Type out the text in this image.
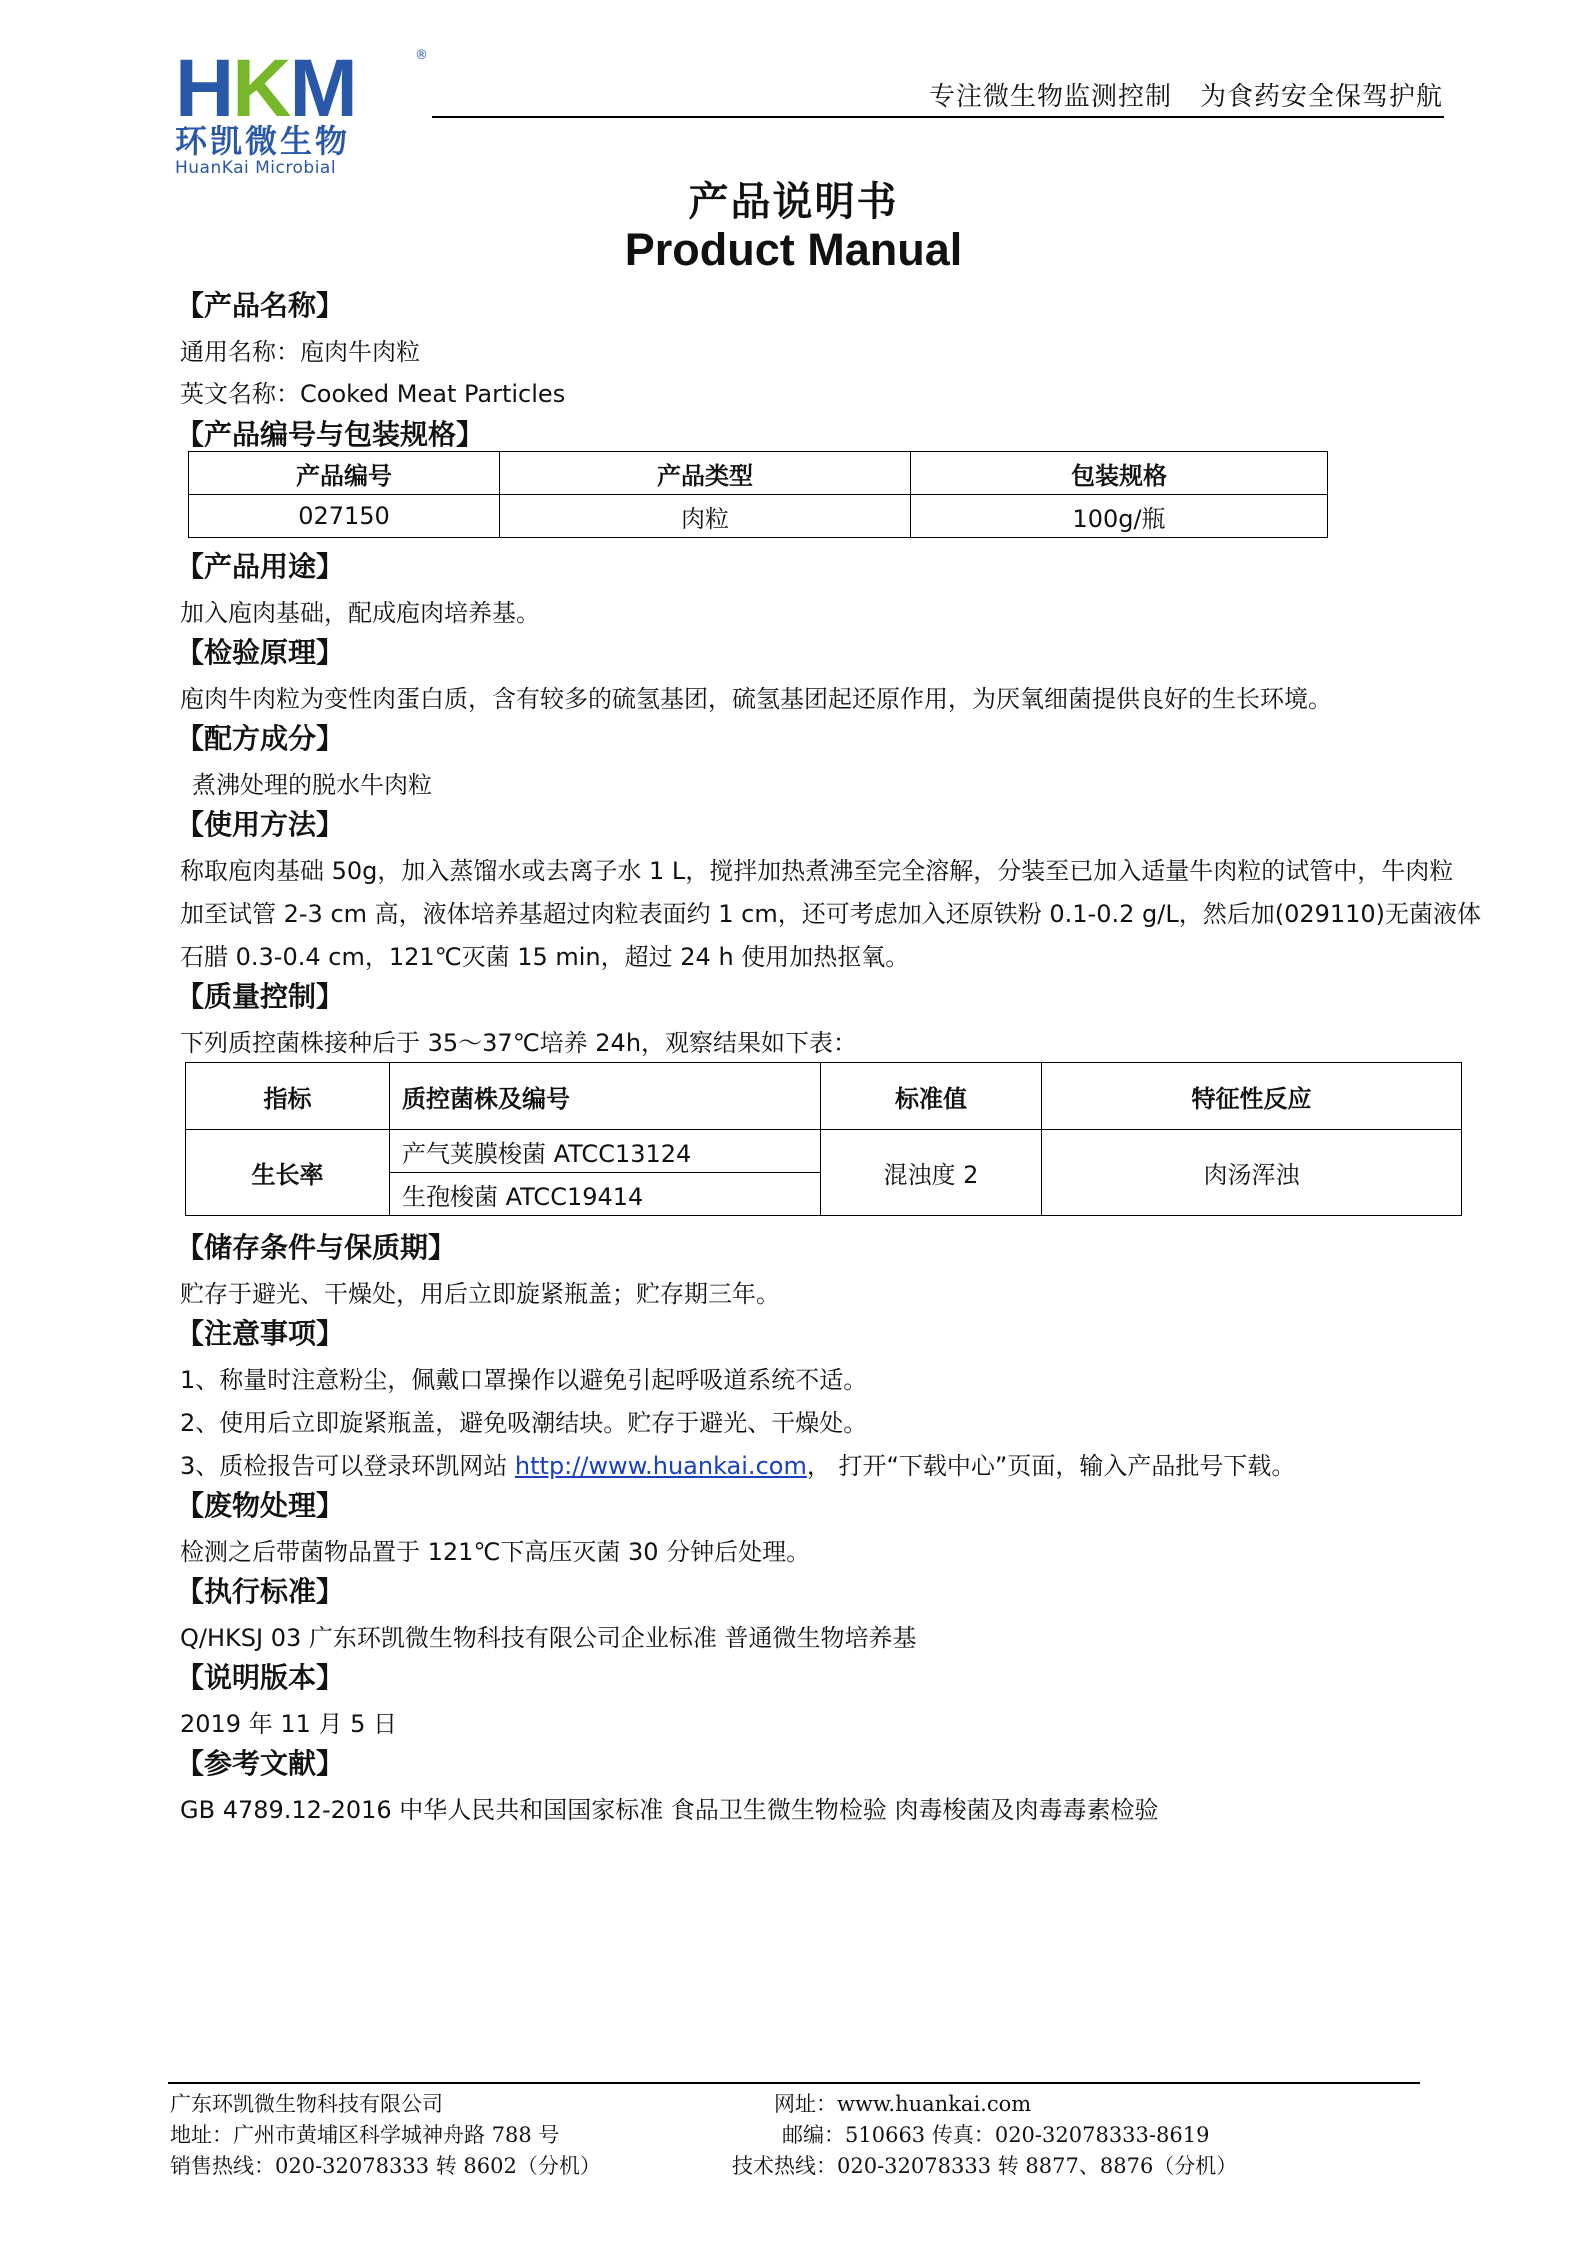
HKM	®
环凯微生物
HuanKai Microbial
专注微生物监测控制 为食药安全保驾护航
产品说明书
Product Manual
【产品名称】
通用名称：庖肉牛肉粒
英文名称：Cooked Meat Particles
【产品编号与包装规格】
产品编号	产品类型	包装规格
027150	肉粒	100g/瓶
【产品用途】
加入庖肉基础，配成庖肉培养基。
【检验原理】
庖肉牛肉粒为变性肉蛋白质，含有较多的硫氢基团，硫氢基团起还原作用，为厌氧细菌提供良好的生长环境。
【配方成分】
煮沸处理的脱水牛肉粒
【使用方法】
称取庖肉基础 50g，加入蒸馏水或去离子水 1 L，搅拌加热煮沸至完全溶解，分装至已加入适量牛肉粒的试管中，牛肉粒
加至试管 2-3 cm 高，液体培养基超过肉粒表面约 1 cm，还可考虑加入还原铁粉 0.1-0.2 g/L，然后加(029110)无菌液体
石腊 0.3-0.4 cm，121℃灭菌 15 min，超过 24 h 使用加热抠氧。
【质量控制】
下列质控菌株接种后于 35～37℃培养 24h，观察结果如下表：
指标	质控菌株及编号	标准值	特征性反应
生长率	产气荚膜梭菌 ATCC13124	混浊度 2	肉汤浑浊
	生孢梭菌 ATCC19414		
【储存条件与保质期】
贮存于避光、干燥处，用后立即旋紧瓶盖；贮存期三年。
【注意事项】
1、称量时注意粉尘，佩戴口罩操作以避免引起呼吸道系统不适。
2、使用后立即旋紧瓶盖，避免吸潮结块。贮存于避光、干燥处。
3、质检报告可以登录环凯网站 http://www.huankai.com， 打开“下载中心”页面，输入产品批号下载。
【废物处理】
检测之后带菌物品置于 121℃下高压灭菌 30 分钟后处理。
【执行标准】
Q/HKSJ 03 广东环凯微生物科技有限公司企业标准 普通微生物培养基
【说明版本】
2019 年 11 月 5 日
【参考文献】
GB 4789.12-2016 中华人民共和国国家标准 食品卫生微生物检验 肉毒梭菌及肉毒毒素检验
广东环凯微生物科技有限公司
地址：广州市黄埔区科学城神舟路 788 号
销售热线：020-32078333 转 8602（分机）
网址：www.huankai.com
邮编：510663 传真：020-32078333-8619
技术热线：020-32078333 转 8877、8876（分机）
